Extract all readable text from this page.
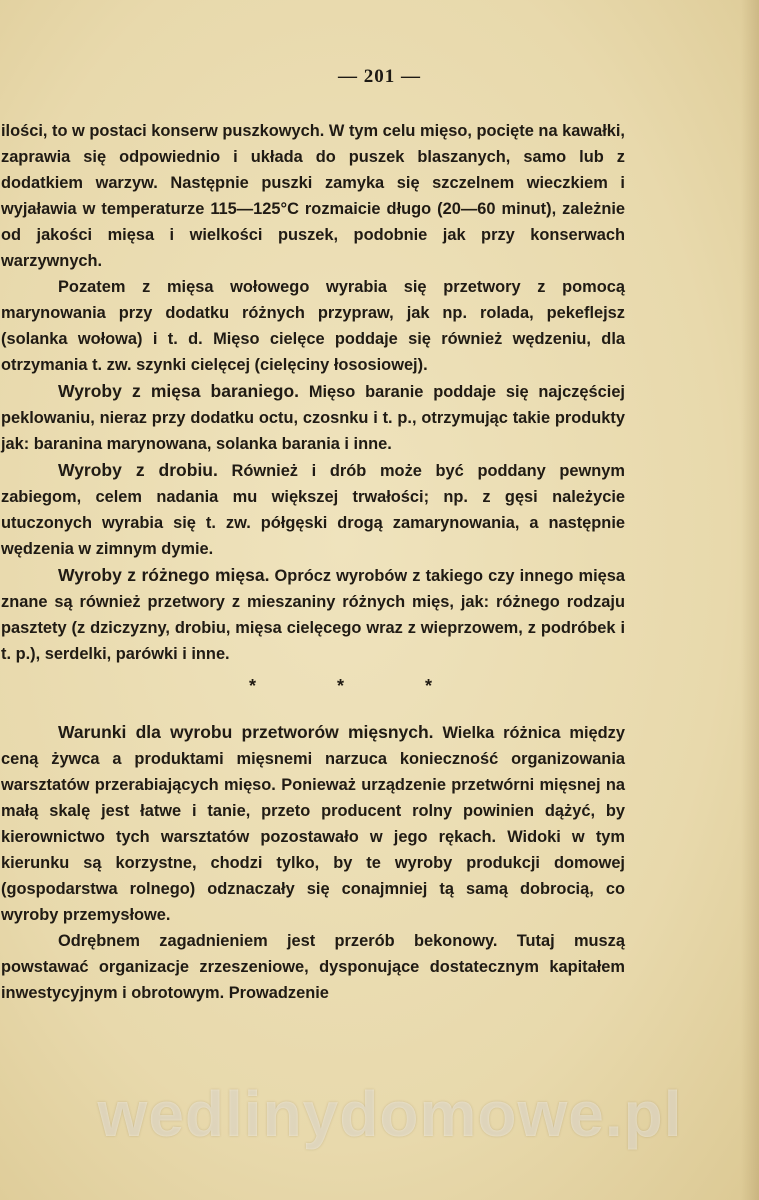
— 201 —

ilości, to w postaci konserw puszkowych. W tym celu mięso, pocięte na kawałki, zaprawia się odpowiednio i układa do puszek blaszanych, samo lub z dodatkiem warzyw. Następnie puszki zamyka się szczelnem wieczkiem i wyjaławia w temperaturze 115—125°C rozmaicie długo (20—60 minut), zależnie od jakości mięsa i wielkości puszek, podobnie jak przy konserwach warzywnych.

Pozatem z mięsa wołowego wyrabia się przetwory z pomocą marynowania przy dodatku różnych przypraw, jak np. rolada, pekeflejsz (solanka wołowa) i t. d. Mięso cielęce poddaje się również wędzeniu, dla otrzymania t. zw. szynki cielęcej (cielęciny łososiowej).

Wyroby z mięsa baraniego. Mięso baranie poddaje się najczęściej peklowaniu, nieraz przy dodatku octu, czosnku i t. p., otrzymując takie produkty jak: baranina marynowana, solanka barania i inne.

Wyroby z drobiu. Również i drób może być poddany pewnym zabiegom, celem nadania mu większej trwałości; np. z gęsi należycie utuczonych wyrabia się t. zw. półgęski drogą zamarynowania, a następnie wędzenia w zimnym dymie.

Wyroby z różnego mięsa. Oprócz wyrobów z takiego czy innego mięsa znane są również przetwory z mieszaniny różnych mięs, jak: różnego rodzaju pasztety (z dziczyzny, drobiu, mięsa cielęcego wraz z wieprzowem, z podróbek i t. p.), serdelki, parówki i inne.

* * *

Warunki dla wyrobu przetworów mięsnych. Wielka różnica między ceną żywca a produktami mięsnemi narzuca konieczność organizowania warsztatów przerabiających mięso. Ponieważ urządzenie przetwórni mięsnej na małą skalę jest łatwe i tanie, przeto producent rolny powinien dążyć, by kierownictwo tych warsztatów pozostawało w jego rękach. Widoki w tym kierunku są korzystne, chodzi tylko, by te wyroby produkcji domowej (gospodarstwa rolnego) odznaczały się conajmniej tą samą dobrocią, co wyroby przemysłowe.

Odrębnem zagadnieniem jest przerób bekonowy. Tutaj muszą powstawać organizacje zrzeszeniowe, dysponujące dostatecznym kapitałem inwestycyjnym i obrotowym. Prowadzenie

wedlinydomowe.pl
